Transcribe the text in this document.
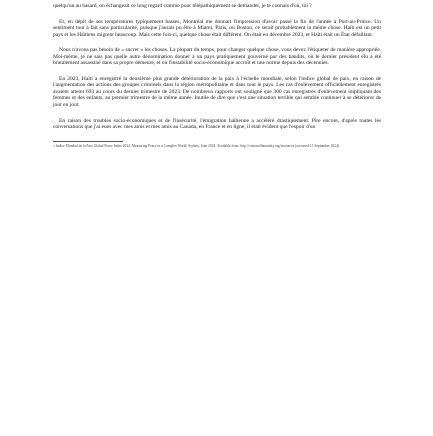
quelqu'un au hasard, on échangeait ce long regard comme pour télépathiquement se demander, je te connais d'où, toi ?

Et, en dépit de ses températures typiquement basses, Montréal me donnait l'impression d'avoir passé la fin de l'année à Port-au-Prince. Un sentiment tout à fait sans particularité, puisque j'aurais pu être à Miami, Paris, ou Boston, ce serait probablement la même chose. Haïti est un petit pays et les Haïtiens migrent beaucoup. Mais cette fois-ci, quelque chose était différent. On était en décembre 2023, et Haïti était un État défaillant.

Nous n'avons pas besoin de « sucrer » les choses. La plupart du temps, pour changer quelque chose, vous devez l'étiqueter de manière appropriée. Moi-même, je ne sais pas quelle autre dénomination donner à un pays pratiquement gouverné par des bandits, où le dernier président élu a été brutalement assassiné dans sa propre demeure, et où l'instabilité socio-économique accroît et une norme depuis des décennies.

En 2023, Haïti a enregistré la deuxième plus grande détérioration de la paix à l'échelle mondiale, selon l'indice global de paix, en raison de l'augmentation des actions des groupes criminels dans la région métropolitaine et dans tout le pays. Les cas d'enlèvement officiellement enregistrés avaient atteint 693 au cours du dernier trimestre de 2023. De nombreux rapports ont souligné que 300 cas enregistrés d'enlèvement impliquant des femmes et des enfants, au premier trimestre de la même année. Inutile de dire que c'est une situation terrible qui semble continuer à se détériorer de jour en jour.

En raison des troubles socio-économiques et de l'insécurité, l'émigration haïtienne a accéléré drastiquement. Pire encore, d'après toutes les conversations que j'ai eues avec mes amis et mes amis au Canada, en France et en ligne, il était évident que l'espoir d'un

« Indice Mondial de la Paix Global Peace Index 2024: Measuring Peace in a Complex World, Sydney, June 2024. Available from: http://visionofhumanity.org/resources (accessed 15 September 2024).
